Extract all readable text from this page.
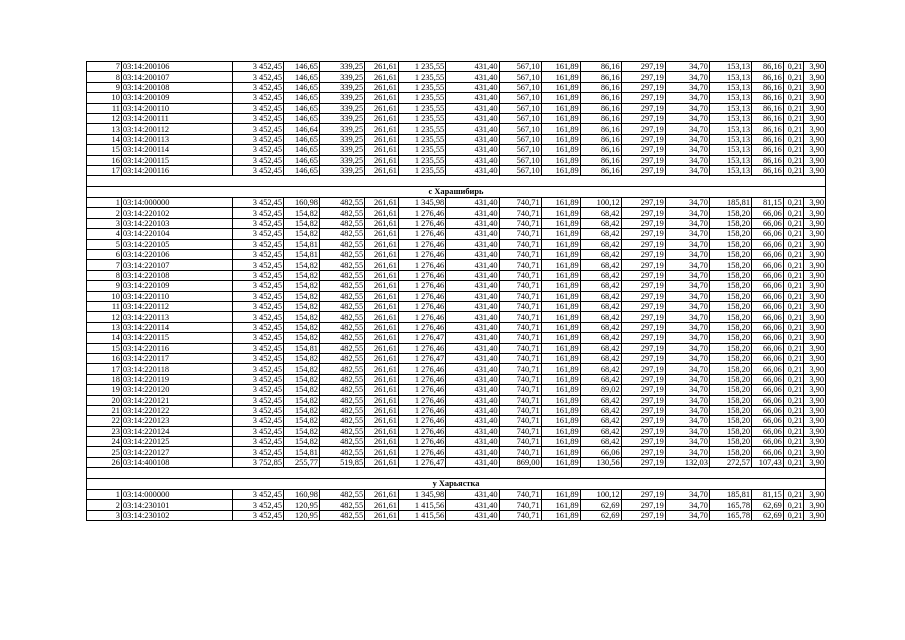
7	03:14:200106	3 452,45	146,65	339,25	261,61	1 235,55	431,40	567,10	161,89	86,16	297,19	34,70	153,13	86,16	0,21	3,90
8	03:14:200107	3 452,45	146,65	339,25	261,61	1 235,55	431,40	567,10	161,89	86,16	297,19	34,70	153,13	86,16	0,21	3,90
9	03:14:200108	3 452,45	146,65	339,25	261,61	1 235,55	431,40	567,10	161,89	86,16	297,19	34,70	153,13	86,16	0,21	3,90
10	03:14:200109	3 452,45	146,65	339,25	261,61	1 235,55	431,40	567,10	161,89	86,16	297,19	34,70	153,13	86,16	0,21	3,90
11	03:14:200110	3 452,45	146,65	339,25	261,61	1 235,55	431,40	567,10	161,89	86,16	297,19	34,70	153,13	86,16	0,21	3,90
12	03:14:200111	3 452,45	146,65	339,25	261,61	1 235,55	431,40	567,10	161,89	86,16	297,19	34,70	153,13	86,16	0,21	3,90
13	03:14:200112	3 452,45	146,64	339,25	261,61	1 235,55	431,40	567,10	161,89	86,16	297,19	34,70	153,13	86,16	0,21	3,90
14	03:14:200113	3 452,45	146,65	339,25	261,61	1 235,55	431,40	567,10	161,89	86,16	297,19	34,70	153,13	86,16	0,21	3,90
15	03:14:200114	3 452,45	146,65	339,25	261,61	1 235,55	431,40	567,10	161,89	86,16	297,19	34,70	153,13	86,16	0,21	3,90
16	03:14:200115	3 452,45	146,65	339,25	261,61	1 235,55	431,40	567,10	161,89	86,16	297,19	34,70	153,13	86,16	0,21	3,90
17	03:14:200116	3 452,45	146,65	339,25	261,61	1 235,55	431,40	567,10	161,89	86,16	297,19	34,70	153,13	86,16	0,21	3,90

с Харашибирь																
1	03:14:000000	3 452,45	160,98	482,55	261,61	1 345,98	431,40	740,71	161,89	100,12	297,19	34,70	185,81	81,15	0,21	3,90
2	03:14:220102	3 452,45	154,82	482,55	261,61	1 276,46	431,40	740,71	161,89	68,42	297,19	34,70	158,20	66,06	0,21	3,90
3	03:14:220103	3 452,45	154,82	482,55	261,61	1 276,46	431,40	740,71	161,89	68,42	297,19	34,70	158,20	66,06	0,21	3,90
4	03:14:220104	3 452,45	154,82	482,55	261,61	1 276,46	431,40	740,71	161,89	68,42	297,19	34,70	158,20	66,06	0,21	3,90
5	03:14:220105	3 452,45	154,81	482,55	261,61	1 276,46	431,40	740,71	161,89	68,42	297,19	34,70	158,20	66,06	0,21	3,90
6	03:14:220106	3 452,45	154,81	482,55	261,61	1 276,46	431,40	740,71	161,89	68,42	297,19	34,70	158,20	66,06	0,21	3,90
7	03:14:220107	3 452,45	154,82	482,55	261,61	1 276,46	431,40	740,71	161,89	68,42	297,19	34,70	158,20	66,06	0,21	3,90
8	03:14:220108	3 452,45	154,82	482,55	261,61	1 276,46	431,40	740,71	161,89	68,42	297,19	34,70	158,20	66,06	0,21	3,90
9	03:14:220109	3 452,45	154,82	482,55	261,61	1 276,46	431,40	740,71	161,89	68,42	297,19	34,70	158,20	66,06	0,21	3,90
10	03:14:220110	3 452,45	154,82	482,55	261,61	1 276,46	431,40	740,71	161,89	68,42	297,19	34,70	158,20	66,06	0,21	3,90
11	03:14:220112	3 452,45	154,82	482,55	261,61	1 276,46	431,40	740,71	161,89	68,42	297,19	34,70	158,20	66,06	0,21	3,90
12	03:14:220113	3 452,45	154,82	482,55	261,61	1 276,46	431,40	740,71	161,89	68,42	297,19	34,70	158,20	66,06	0,21	3,90
13	03:14:220114	3 452,45	154,82	482,55	261,61	1 276,46	431,40	740,71	161,89	68,42	297,19	34,70	158,20	66,06	0,21	3,90
14	03:14:220115	3 452,45	154,82	482,55	261,61	1 276,47	431,40	740,71	161,89	68,42	297,19	34,70	158,20	66,06	0,21	3,90
15	03:14:220116	3 452,45	154,81	482,55	261,61	1 276,46	431,40	740,71	161,89	68,42	297,19	34,70	158,20	66,06	0,21	3,90
16	03:14:220117	3 452,45	154,82	482,55	261,61	1 276,47	431,40	740,71	161,89	68,42	297,19	34,70	158,20	66,06	0,21	3,90
17	03:14:220118	3 452,45	154,82	482,55	261,61	1 276,46	431,40	740,71	161,89	68,42	297,19	34,70	158,20	66,06	0,21	3,90
18	03:14:220119	3 452,45	154,82	482,55	261,61	1 276,46	431,40	740,71	161,89	68,42	297,19	34,70	158,20	66,06	0,21	3,90
19	03:14:220120	3 452,45	154,82	482,55	261,61	1 276,46	431,40	740,71	161,89	89,02	297,19	34,70	158,20	66,06	0,21	3,90
20	03:14:220121	3 452,45	154,82	482,55	261,61	1 276,46	431,40	740,71	161,89	68,42	297,19	34,70	158,20	66,06	0,21	3,90
21	03:14:220122	3 452,45	154,82	482,55	261,61	1 276,46	431,40	740,71	161,89	68,42	297,19	34,70	158,20	66,06	0,21	3,90
22	03:14:220123	3 452,45	154,82	482,55	261,61	1 276,46	431,40	740,71	161,89	68,42	297,19	34,70	158,20	66,06	0,21	3,90
23	03:14:220124	3 452,45	154,82	482,55	261,61	1 276,46	431,40	740,71	161,89	68,42	297,19	34,70	158,20	66,06	0,21	3,90
24	03:14:220125	3 452,45	154,82	482,55	261,61	1 276,46	431,40	740,71	161,89	68,42	297,19	34,70	158,20	66,06	0,21	3,90
25	03:14:220127	3 452,45	154,81	482,55	261,61	1 276,46	431,40	740,71	161,89	66,06	297,19	34,70	158,20	66,06	0,21	3,90
26	03:14:400108	3 752,85	255,77	519,85	261,61	1 276,47	431,40	869,00	161,89	130,56	297,19	132,03	272,57	107,43	0,21	3,90

у Харьястка																
1	03:14:000000	3 452,45	160,98	482,55	261,61	1 345,98	431,40	740,71	161,89	100,12	297,19	34,70	185,81	81,15	0,21	3,90
2	03:14:230101	3 452,45	120,95	482,55	261,61	1 415,56	431,40	740,71	161,89	62,69	297,19	34,70	165,78	62,69	0,21	3,90
3	03:14:230102	3 452,45	120,95	482,55	261,61	1 415,56	431,40	740,71	161,89	62,69	297,19	34,70	165,78	62,69	0,21	3,90
